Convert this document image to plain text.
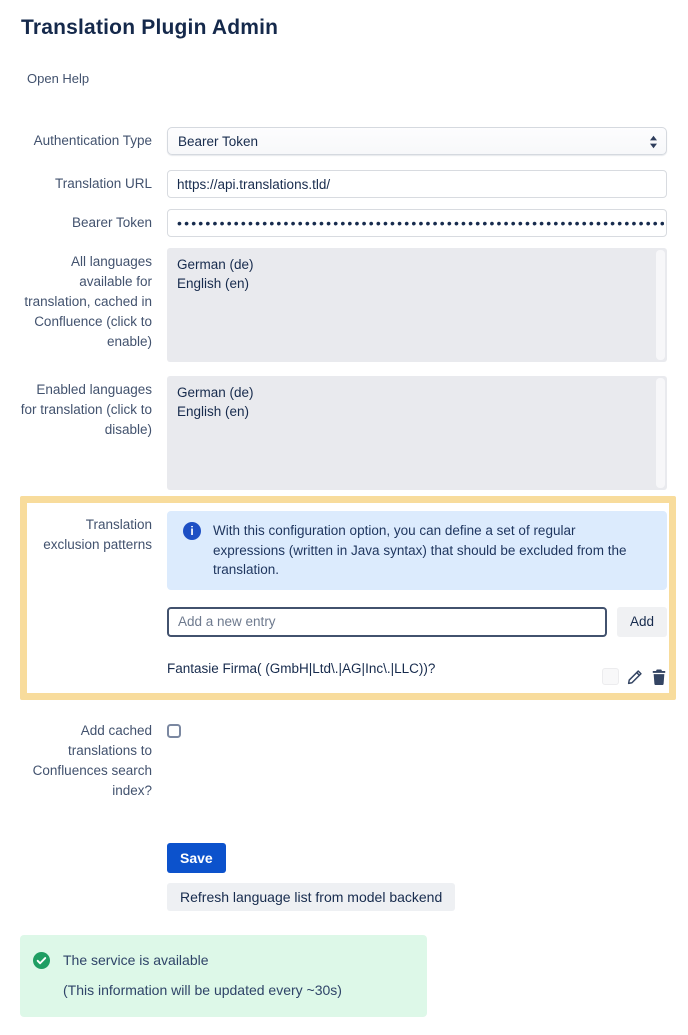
Translation Plugin Admin
Open Help
Authentication Type Bearer Token
Translation URL
https://api.translations.tld/
Bearer Token
••••••••••••••••••••••••••••••••••••••••••••••••••••••••••••••••••••••••
All languages available for translation, cached in Confluence (click to enable)
German (de)
English (en)
Enabled languages for translation (click to disable)
German (de)
English (en)
Translation exclusion patterns
i	With this configuration option, you can define a set of regular expressions (written in Java syntax) that should be excluded from the translation.
Add a new entry
Add
Fantasie Firma( (GmbH|Ltd\.|AG|Inc\.|LLC))?
Add cached translations to Confluences search index?
Save
Refresh language list from model backend
The service is available
(This information will be updated every ~30s)
